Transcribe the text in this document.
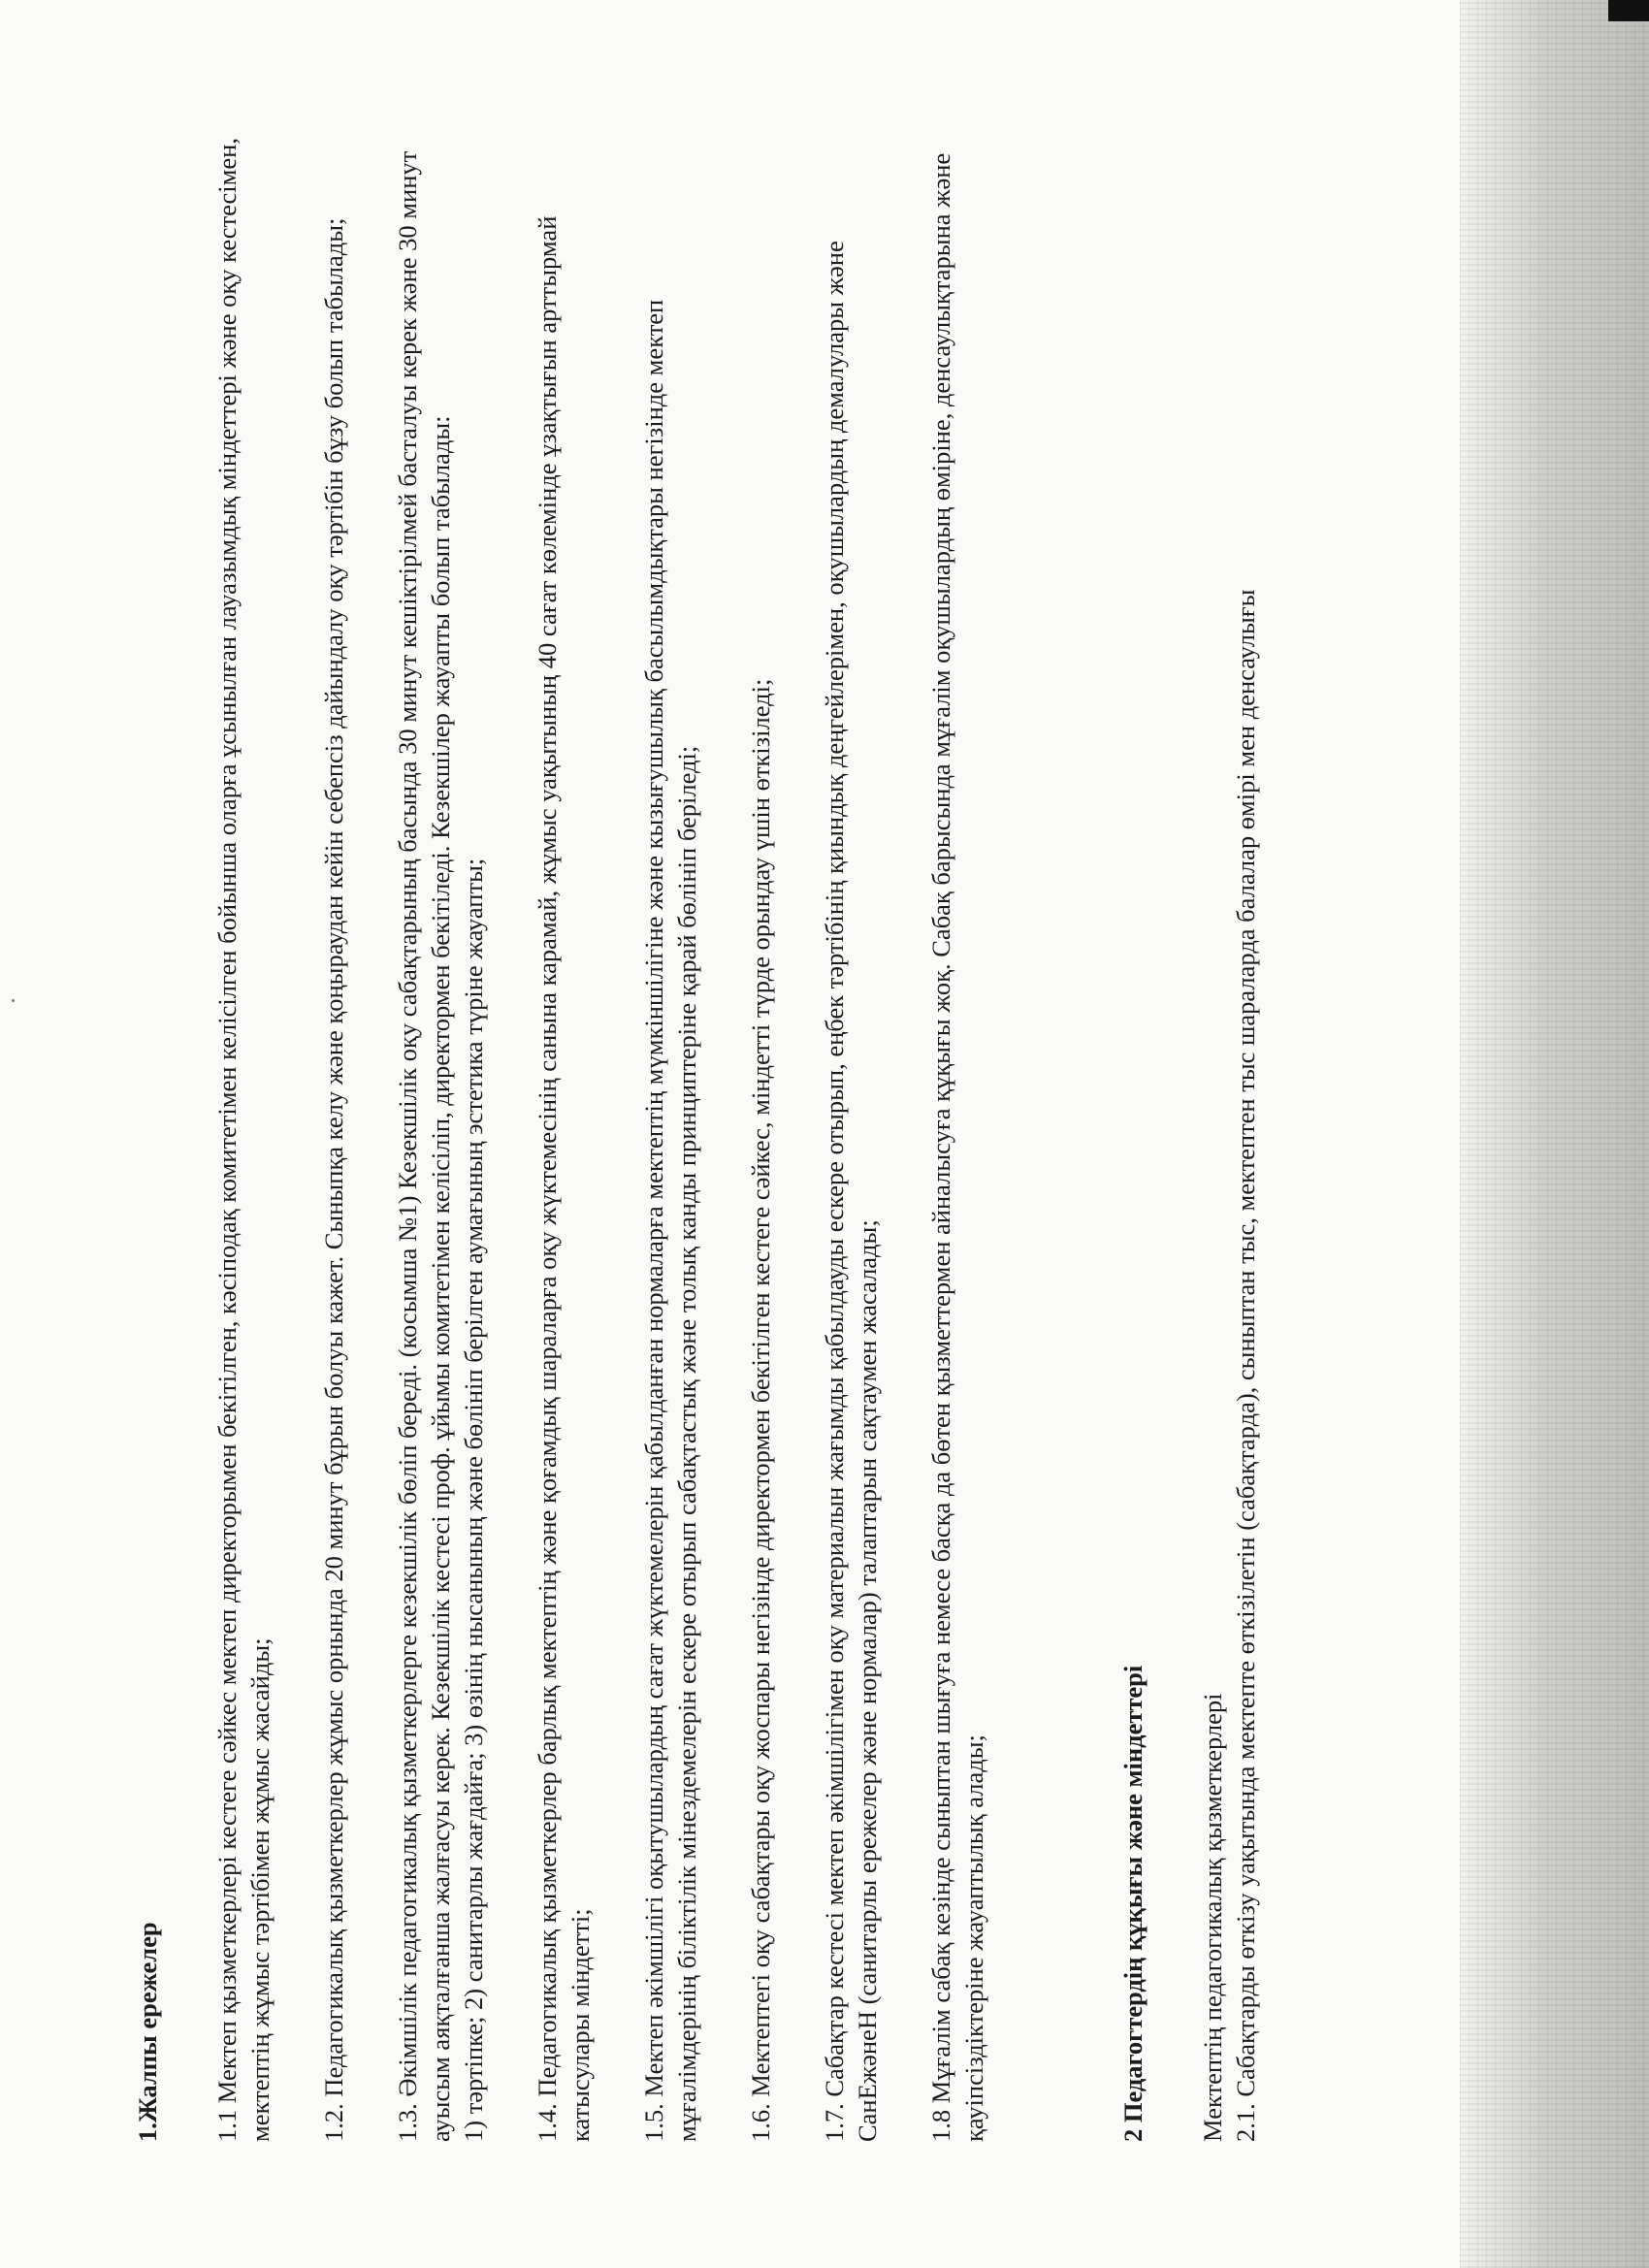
1.Жалпы ережелер 1.1 Мектеп қызметкерлері кестеге сәйкес мектеп директорымен бекітілген, кәсіподақ комитетімен келісілген бойынша оларға ұсынылған лауазымдық міндеттері және оқу кестесімен, мектептің жұмыс тәртібімен жұмыс жасайды; 1.2. Педагогикалық қызметкерлер жұмыс орнында 20 минут бұрын болуы кажет. Сыныпқа келу және қоңыраудан кейін себепсіз дайындалу оқу тәртібін бұзу болып табылады; 1.3. Әкімшілік педагогикалық қызметкерлерге кезекшілік бөліп береді. (косымша №1) Кезекшілік оқу сабақтарының басында 30 минут кешіктірілмей басталуы керек және 30 минут ауысым аяқталғанша жалғасуы керек. Кезекшілік кестесі проф. ұйымы комитетімен келісіліп, директормен бекітіледі. Кезекшілер жауапты болып табылады: 1) тәртіпке; 2) санитарлы жағдайға; 3) өзінің нысанының және бөлініп берілген аумағының эстетика түріне жауапты; 1.4. Педагогикалық қызметкерлер барлық мектептің және қоғамдық шараларға оқу жүктемесінің санына карамай, жұмыс уақытының 40 сағат көлемінде ұзақтығын арттырмай катысулары міндетті; 1.5. Мектеп әкімшілігі оқытушылардың сағат жүктемелерін қабылданған нормаларға мектептің мүмкіншілігіне және кызығушылық басылымдықтары негізінде мектеп мұғалімдерінің біліктілік мінездемелерін ескере отырып сабақтастық және толық канды принциптеріне қарай бөлініп беріледі; 1.6. Мектептегі оқу сабақтары оқу жоспары негізінде директормен бекітілген кестеге сәйкес, міндетті түрде орындау үшін өткізіледі; 1.7. Сабақтар кестесі мектеп әкімшілігімен оқу материалын жағымды қабылдауды ескере отырып, еңбек тәртібінің қиындық деңгейлерімен, оқушылардың демалулары және СанЕжәнеН (санитарлы ережелер және нормалар) талаптарын сақтаумен жасалады; 1.8 Мұғалім сабақ кезінде сыныптан шығуға немесе басқа да бөтен қызметтермен айналысуға құқығы жоқ. Сабақ барысында мұғалім оқушылардың өміріне, денсаулықтарына және қауіпсіздіктеріне жауаптылық алады;	2 Педагогтердің құқығы және міндеттері Мектептің педагогикалық қызметкерлері 2.1. Сабақтарды өткізу уақытында мектепте өткізілетін (сабақтарда), сыныптан тыс, мектептен тыс шараларда балалар өмірі мен денсаулығы
